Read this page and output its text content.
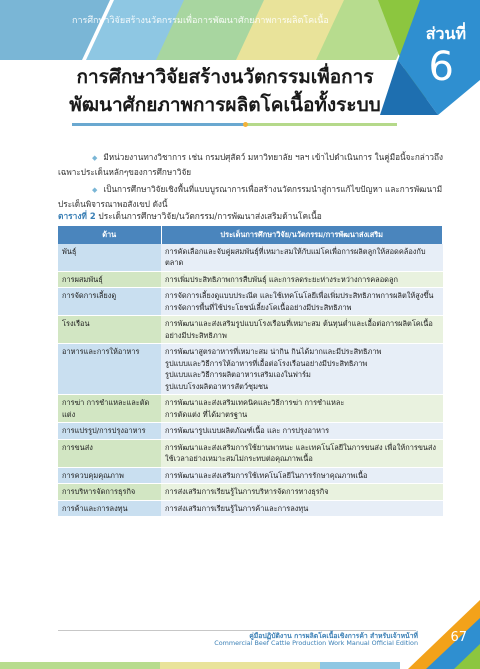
การศึกษาวิจัยสร้างนวัตกรรมเพื่อการพัฒนาศักยภาพการผลิตโคเนื้อ
ส่วนที่
6
การศึกษาวิจัยสร้างนวัตกรรมเพื่อการ
พัฒนาศักยภาพการผลิตโคเนื้อทั้งระบบ
◆ มีหน่วยงานทางวิชาการ เช่น กรมปศุสัตว์ มหาวิทยาลัย ฯลฯ เข้าไปดำเนินการ ในคู่มือนี้จะกล่าวถึงเฉพาะประเด็นหลักๆของการศึกษาวิจัย
◆ เป็นการศึกษาวิจัยเชิงพื้นที่แบบบูรณาการเพื่อสร้างนวัตกรรมนำสู่การแก้ไขปัญหา และการพัฒนามีประเด็นพิจารณาพอสังเขป ดังนี้
ตารางที่ 2 ประเด็นการศึกษาวิจัย/นวัตกรรม/การพัฒนาส่งเสริมด้านโคเนื้อ
ด้าน	ประเด็นการศึกษาวิจัย/นวัตกรรม/การพัฒนาส่งเสริม
พันธุ์	การคัดเลือกและจับคู่ผสมพันธุ์ที่เหมาะสมให้กับแม่โคเพื่อการผลิตลูกให้สอดคล้องกับตลาด

การผสมพันธุ์	การเพิ่มประสิทธิภาพการสืบพันธุ์ และการลดระยะห่างระหว่างการคลอดลูก

การจัดการเลี้ยงดู	การจัดการเลี้ยงดูแบบประณีต และใช้เทคโนโลยีเพื่อเพิ่มประสิทธิภาพการผลิตให้สูงขึ้น
การจัดการพื้นที่ใช้ประโยชน์เลี้ยงโคเนื้ออย่างมีประสิทธิภาพ

โรงเรือน	การพัฒนาและส่งเสริมรูปแบบโรงเรือนที่เหมาะสม ต้นทุนต่ำและเอื้อต่อการผลิตโคเนื้ออย่างมีประสิทธิภาพ

อาหารและการให้อาหาร	การพัฒนาสูตรอาหารที่เหมาะสม น่ากิน กินได้มากและมีประสิทธิภาพ
รูปแบบและวิธีการให้อาหารที่เอื้อต่อโรงเรือนอย่างมีประสิทธิภาพ
รูปแบบและวิธีการผลิตอาหารเสริมเองในฟาร์ม
รูปแบบโรงผลิตอาหารสัตว์ชุมชน

การฆ่า การชำแหละและตัดแต่ง	การพัฒนาและส่งเสริมเทคนิคและวิธีการฆ่า การชำแหละ
การตัดแต่ง ที่ได้มาตรฐาน

การแปรรูป/การปรุงอาหาร	การพัฒนารูปแบบผลิตภัณฑ์เนื้อ และ การปรุงอาหาร

การขนส่ง	การพัฒนาและส่งเสริมการใช้ยานพาหนะ และเทคโนโลยีในการขนส่ง เพื่อให้การขนส่งใช้เวลาอย่างเหมาะสมไม่กระทบต่อคุณภาพเนื้อ

การควบคุมคุณภาพ	การพัฒนาและส่งเสริมการใช้เทคโนโลยีในการรักษาคุณภาพเนื้อ

การบริหารจัดการธุรกิจ	การส่งเสริมการเรียนรู้ในการบริหารจัดการทางธุรกิจ

การค้าและการลงทุน	การส่งเสริมการเรียนรู้ในการค้าและการลงทุน
คู่มือปฏิบัติงาน การผลิตโคเนื้อเชิงการค้า สำหรับเจ้าหน้าที่
Commercial Beef Cattle Production Work Manual Official Edition 67
